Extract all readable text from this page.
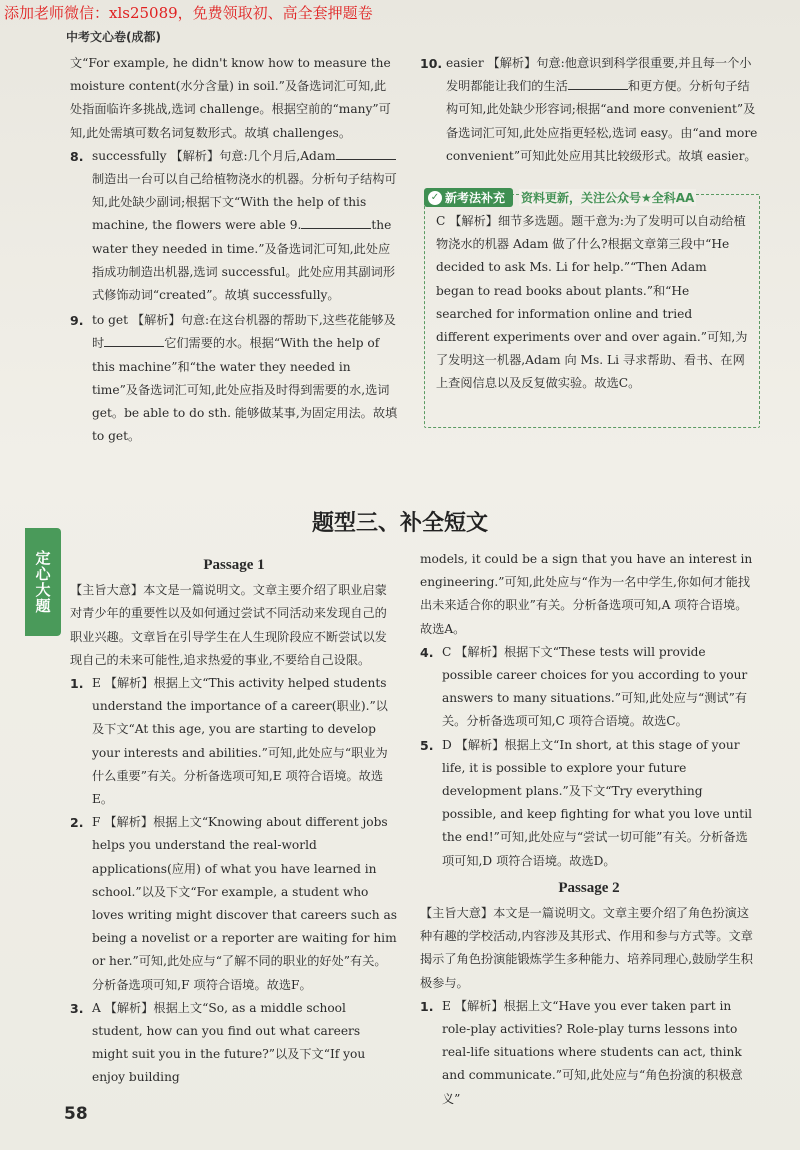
添加老师微信：xls25089，免费领取初、高全套押题卷
中考文心卷(成都)

文“For example, he didn't know how to measure the moisture content(水分含量) in soil.”及备选词汇可知,此处指面临许多挑战,选词 challenge。根据空前的“many”可知,此处需填可数名词复数形式。故填 challenges。

8. successfully 【解析】句意:几个月后,Adam制造出一台可以自己给植物浇水的机器。分析句子结构可知,此处缺少副词;根据下文“With the help of this machine, the flowers were able 9.	the water they needed in time.”及备选词汇可知,此处应指成功制造出机器,选词 successful。此处应用其副词形式修饰动词“created”。故填 successfully。
9. to get 【解析】句意:在这台机器的帮助下,这些花能够及时	它们需要的水。根据“With the help of this machine”和“the water they needed in time”及备选词汇可知,此处应指及时得到需要的水,选词 get。be able to do sth. 能够做某事,为固定用法。故填 to get。
10. easier 【解析】句意:他意识到科学很重要,并且每一个小发明都能让我们的生活	和更方便。分析句子结构可知,此处缺少形容词;根据“and more convenient”及备选词汇可知,此处应指更轻松,选词 easy。由“and more convenient”可知此处应用其比较级形式。故填 easier。
✓ 新考法补充 资料更新，关注公众号★全科AA

C 【解析】细节多选题。题干意为:为了发明可以自动给植物浇水的机器 Adam 做了什么?根据文章第三段中“He decided to ask Ms. Li for help.”“Then Adam began to read books about plants.”和“He searched for information online and tried different experiments over and over again.”可知,为了发明这一机器,Adam 向 Ms. Li 寻求帮助、看书、在网上查阅信息以及反复做实验。故选C。

题型三、补全短文
定心大题	Passage 1

【主旨大意】本文是一篇说明文。文章主要介绍了职业启蒙对青少年的重要性以及如何通过尝试不同活动来发现自己的职业兴趣。文章旨在引导学生在人生现阶段应不断尝试以发现自己的未来可能性,追求热爱的事业,不要给自己设限。

1. E 【解析】根据上文“This activity helped students understand the importance of a career(职业).”以及下文“At this age, you are starting to develop your interests and abilities.”可知,此处应与“职业为什么重要”有关。分析备选项可知,E 项符合语境。故选E。
2. F 【解析】根据上文“Knowing about different jobs helps you understand the real-world applications(应用) of what you have learned in school.”以及下文“For example, a student who loves writing might discover that careers such as being a novelist or a reporter are waiting for him or her.”可知,此处应与“了解不同的职业的好处”有关。分析备选项可知,F 项符合语境。故选F。
3. A 【解析】根据上文“So, as a middle school student, how can you find out what careers might suit you in the future?”以及下文“If you enjoy building

models, it could be a sign that you have an interest in engineering.”可知,此处应与“作为一名中学生,你如何才能找出未来适合你的职业”有关。分析备选项可知,A 项符合语境。故选A。

4. C 【解析】根据下文“These tests will provide possible career choices for you according to your answers to many situations.”可知,此处应与“测试”有关。分析备选项可知,C 项符合语境。故选C。
5. D 【解析】根据上文“In short, at this stage of your life, it is possible to explore your future development plans.”及下文“Try everything possible, and keep fighting for what you love until the end!”可知,此处应与“尝试一切可能”有关。分析备选项可知,D 项符合语境。故选D。
Passage 2

【主旨大意】本文是一篇说明文。文章主要介绍了角色扮演这种有趣的学校活动,内容涉及其形式、作用和参与方式等。文章揭示了角色扮演能锻炼学生多种能力、培养同理心,鼓励学生积极参与。

1. E 【解析】根据上文“Have you ever taken part in role-play activities? Role-play turns lessons into real-life situations where students can act, think and communicate.”可知,此处应与“角色扮演的积极意义”
58
